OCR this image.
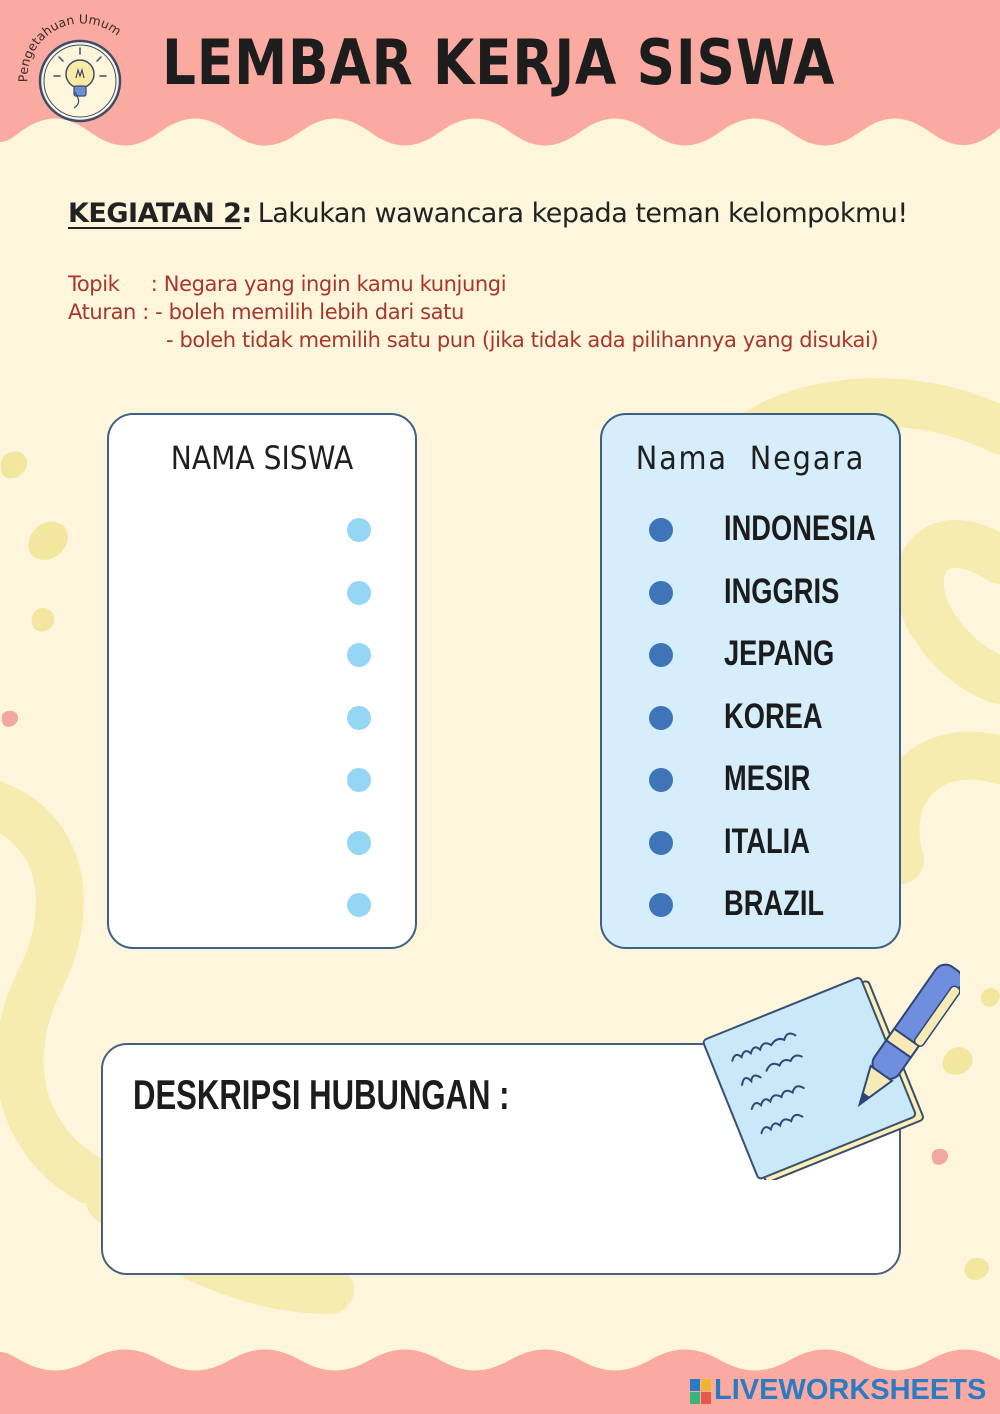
Pengetahuan Umum LEMBAR KERJA SISWA
KEGIATAN 2: Lakukan wawancara kepada teman kelompokmu!
Topik     : Negara yang ingin kamu kunjungi
Aturan : - boleh memilih lebih dari satu
- boleh tidak memilih satu pun (jika tidak ada pilihannya yang disukai)
NAMA SISWA	Nama  Negara
INDONESIA
INGGRIS
JEPANG
KOREA
MESIR
ITALIA
BRAZIL
DESKRIPSI HUBUNGAN :
LIVEWORKSHEETS
